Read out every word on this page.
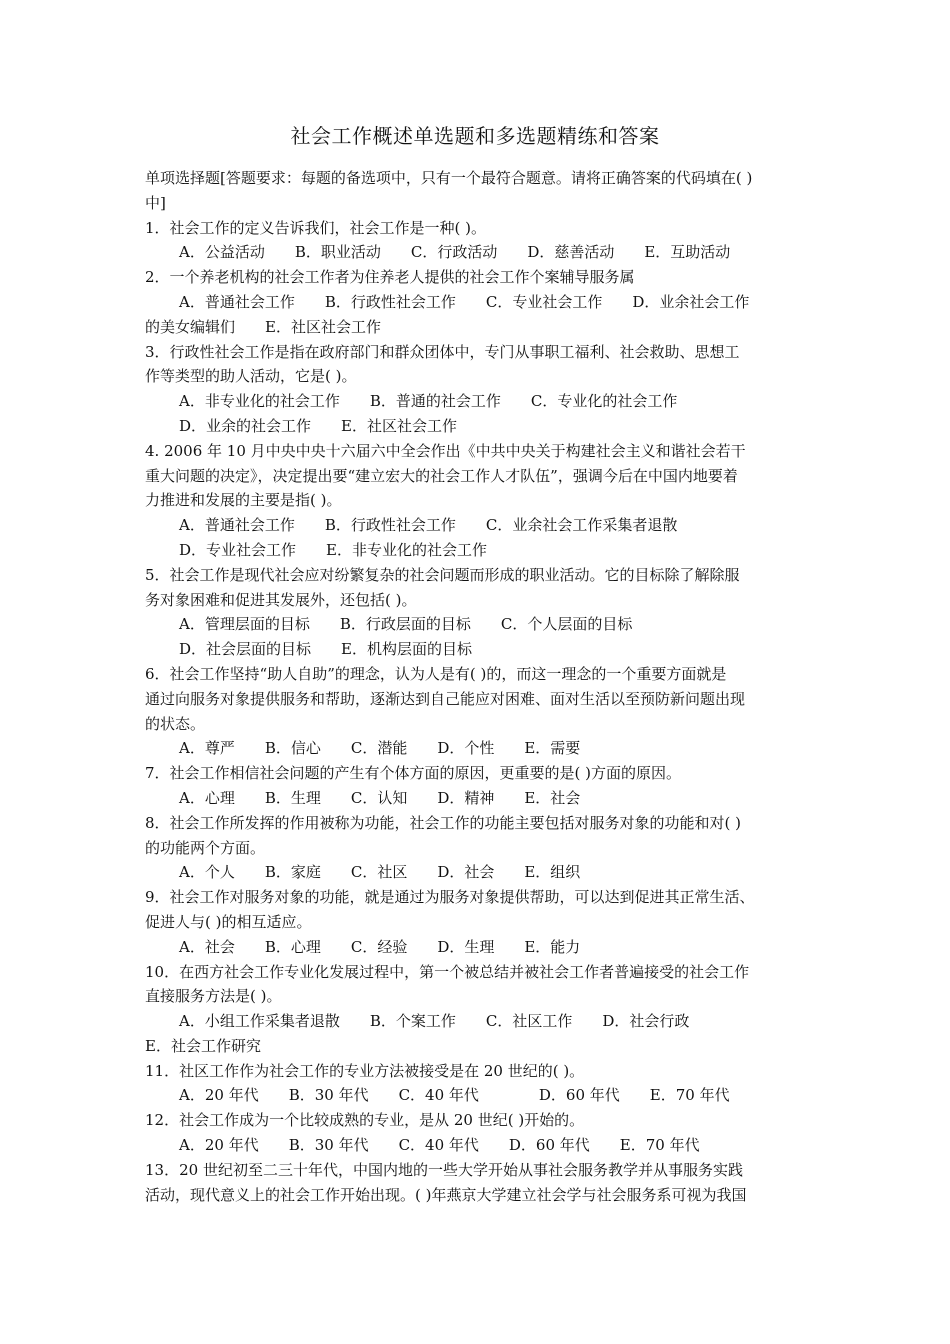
社会工作概述单选题和多选题精练和答案
单项选择题[答题要求：每题的备选项中，只有一个最符合题意。请将正确答案的代码填在( )
中]
1．社会工作的定义告诉我们，社会工作是一种( )。
A．公益活动　　B．职业活动　　C．行政活动　　D．慈善活动　　E．互助活动
2．一个养老机构的社会工作者为住养老人提供的社会工作个案辅导服务属
A．普通社会工作　　B．行政性社会工作　　C．专业社会工作　　D．业余社会工作
的美女编辑们　　E．社区社会工作
3．行政性社会工作是指在政府部门和群众团体中，专门从事职工福利、社会救助、思想工
作等类型的助人活动，它是( )。
A．非专业化的社会工作　　B．普通的社会工作　　C．专业化的社会工作
D．业余的社会工作　　E．社区社会工作
4. 2006 年 10 月中央中央十六届六中全会作出《中共中央关于构建社会主义和谐社会若干
重大问题的决定》，决定提出要“建立宏大的社会工作人才队伍”，强调今后在中国内地要着
力推进和发展的主要是指( )。
A．普通社会工作　　B．行政性社会工作　　C．业余社会工作采集者退散
D．专业社会工作　　E．非专业化的社会工作
5．社会工作是现代社会应对纷繁复杂的社会问题而形成的职业活动。它的目标除了解除服
务对象困难和促进其发展外，还包括( )。
A．管理层面的目标　　B．行政层面的目标　　C．个人层面的目标
D．社会层面的目标　　E．机构层面的目标
6．社会工作坚持“助人自助”的理念，认为人是有( )的，而这一理念的一个重要方面就是
通过向服务对象提供服务和帮助，逐渐达到自己能应对困难、面对生活以至预防新问题出现
的状态。
A．尊严　　B．信心　　C．潜能　　D．个性　　E．需要
7．社会工作相信社会问题的产生有个体方面的原因，更重要的是( )方面的原因。
A．心理　　B．生理　　C．认知　　D．精神　　E．社会
8．社会工作所发挥的作用被称为功能，社会工作的功能主要包括对服务对象的功能和对( )
的功能两个方面。
A．个人　　B．家庭　　C．社区　　D．社会　　E．组织
9．社会工作对服务对象的功能，就是通过为服务对象提供帮助，可以达到促进其正常生活、
促进人与( )的相互适应。
A．社会　　B．心理　　C．经验　　D．生理　　E．能力
10．在西方社会工作专业化发展过程中，第一个被总结并被社会工作者普遍接受的社会工作
直接服务方法是( )。
A．小组工作采集者退散　　B．个案工作　　C．社区工作　　D．社会行政
E．社会工作研究
11．社区工作作为社会工作的专业方法被接受是在 20 世纪的( )。
A．20 年代　　B．30 年代　　C．40 年代　　　　D．60 年代　　E．70 年代
12．社会工作成为一个比较成熟的专业，是从 20 世纪( )开始的。
A．20 年代　　B．30 年代　　C．40 年代　　D．60 年代　　E．70 年代
13．20 世纪初至二三十年代，中国内地的一些大学开始从事社会服务教学并从事服务实践
活动，现代意义上的社会工作开始出现。( )年燕京大学建立社会学与社会服务系可视为我国
